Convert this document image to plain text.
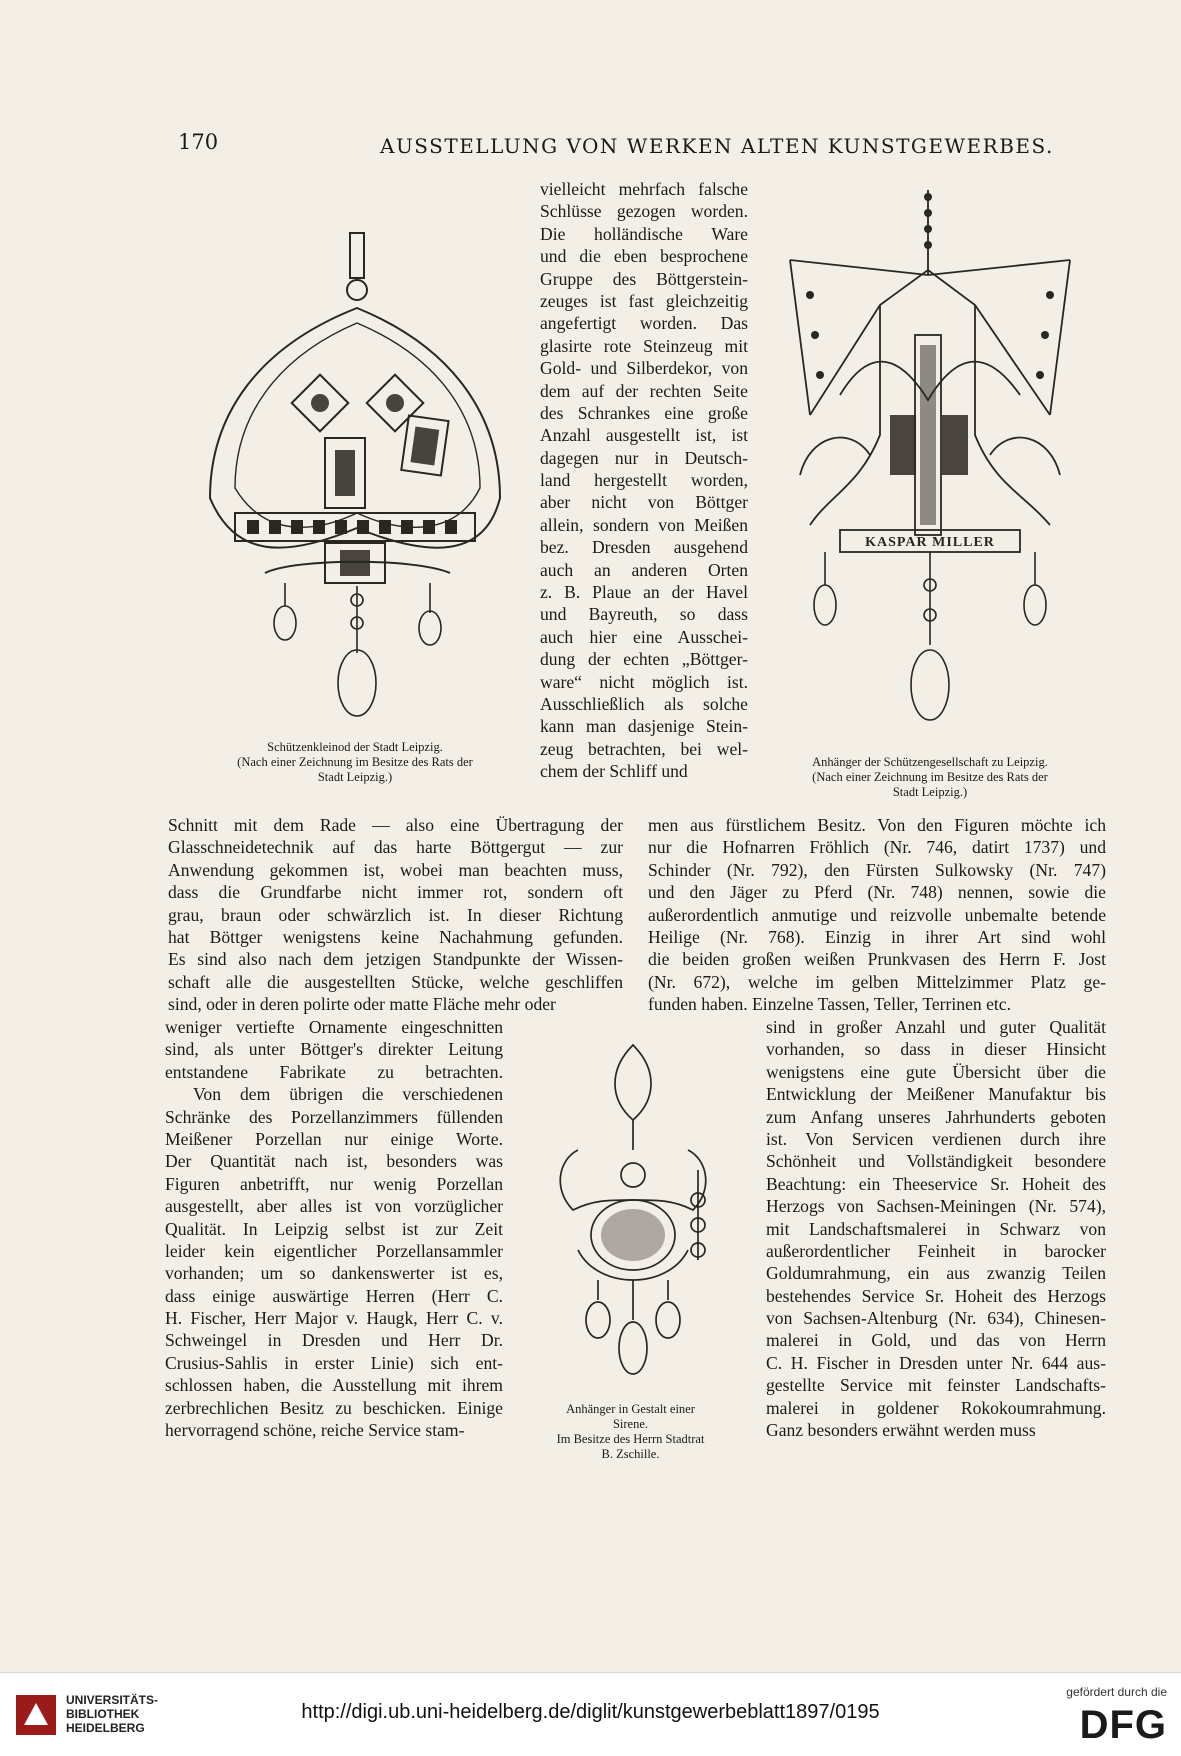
170	AUSSTELLUNG VON WERKEN ALTEN KUNSTGEWERBES.
KASPAR MILLER
vielleicht mehrfach falsche
Schlüsse gezogen worden.
Die holländische Ware
und die eben besprochene
Gruppe des Böttgerstein-
zeuges ist fast gleichzeitig
angefertigt worden. Das
glasirte rote Steinzeug mit
Gold- und Silberdekor, von
dem auf der rechten Seite
des Schrankes eine große
Anzahl ausgestellt ist, ist
dagegen nur in Deutsch-
land hergestellt worden,
aber nicht von Böttger
allein, sondern von Meißen
bez. Dresden ausgehend
auch an anderen Orten
z. B. Plaue an der Havel
und Bayreuth, so dass
auch hier eine Ausschei-
dung der echten „Böttger-
ware“ nicht möglich ist.
Ausschließlich als solche
kann man dasjenige Stein-
zeug betrachten, bei wel-
chem der Schliff und
Schützenkleinod der Stadt Leipzig.
(Nach einer Zeichnung im Besitze des Rats der
Stadt Leipzig.)
Anhänger der Schützengesellschaft zu Leipzig.
(Nach einer Zeichnung im Besitze des Rats der
Stadt Leipzig.)
Anhänger in Gestalt einer
Sirene.
Im Besitze des Herrn Stadtrat
B. Zschille.
Schnitt mit dem Rade — also eine Übertragung der
Glasschneidetechnik auf das harte Böttgergut — zur
Anwendung gekommen ist, wobei man beachten muss,
dass die Grundfarbe nicht immer rot, sondern oft
grau, braun oder schwärzlich ist. In dieser Richtung
hat Böttger wenigstens keine Nachahmung gefunden.
Es sind also nach dem jetzigen Standpunkte der Wissen-
schaft alle die ausgestellten Stücke, welche geschliffen
sind, oder in deren polirte oder matte Fläche mehr oder
weniger vertiefte Ornamente eingeschnitten
sind, als unter Böttger's direkter Leitung
entstandene Fabrikate zu betrachten.
Von dem übrigen die verschiedenen
Schränke des Porzellanzimmers füllenden
Meißener Porzellan nur einige Worte.
Der Quantität nach ist, besonders was
Figuren anbetrifft, nur wenig Porzellan
ausgestellt, aber alles ist von vorzüglicher
Qualität. In Leipzig selbst ist zur Zeit
leider kein eigentlicher Porzellansammler
vorhanden; um so dankenswerter ist es,
dass einige auswärtige Herren (Herr C.
H. Fischer, Herr Major v. Haugk, Herr C. v.
Schweingel in Dresden und Herr Dr.
Crusius-Sahlis in erster Linie) sich ent-
schlossen haben, die Ausstellung mit ihrem
zerbrechlichen Besitz zu beschicken. Einige
hervorragend schöne, reiche Service stam-
men aus fürstlichem Besitz. Von den Figuren möchte ich
nur die Hofnarren Fröhlich (Nr. 746, datirt 1737) und
Schinder (Nr. 792), den Fürsten Sulkowsky (Nr. 747)
und den Jäger zu Pferd (Nr. 748) nennen, sowie die
außerordentlich anmutige und reizvolle unbemalte betende
Heilige (Nr. 768). Einzig in ihrer Art sind wohl
die beiden großen weißen Prunkvasen des Herrn F. Jost
(Nr. 672), welche im gelben Mittelzimmer Platz ge-
funden haben. Einzelne Tassen, Teller, Terrinen etc.
sind in großer Anzahl und guter Qualität
vorhanden, so dass in dieser Hinsicht
wenigstens eine gute Übersicht über die
Entwicklung der Meißener Manufaktur bis
zum Anfang unseres Jahrhunderts geboten
ist. Von Servicen verdienen durch ihre
Schönheit und Vollständigkeit besondere
Beachtung: ein Theeservice Sr. Hoheit des
Herzogs von Sachsen-Meiningen (Nr. 574),
mit Landschaftsmalerei in Schwarz von
außerordentlicher Feinheit in barocker
Goldumrahmung, ein aus zwanzig Teilen
bestehendes Service Sr. Hoheit des Herzogs
von Sachsen-Altenburg (Nr. 634), Chinesen-
malerei in Gold, und das von Herrn
C. H. Fischer in Dresden unter Nr. 644 aus-
gestellte Service mit feinster Landschafts-
malerei in goldener Rokokoumrahmung.
Ganz besonders erwähnt werden muss
UNIVERSITÄTS-
BIBLIOTHEK
HEIDELBERG
http://digi.ub.uni-heidelberg.de/diglit/kunstgewerbeblatt1897/0195
gefördert durch die
DFG
